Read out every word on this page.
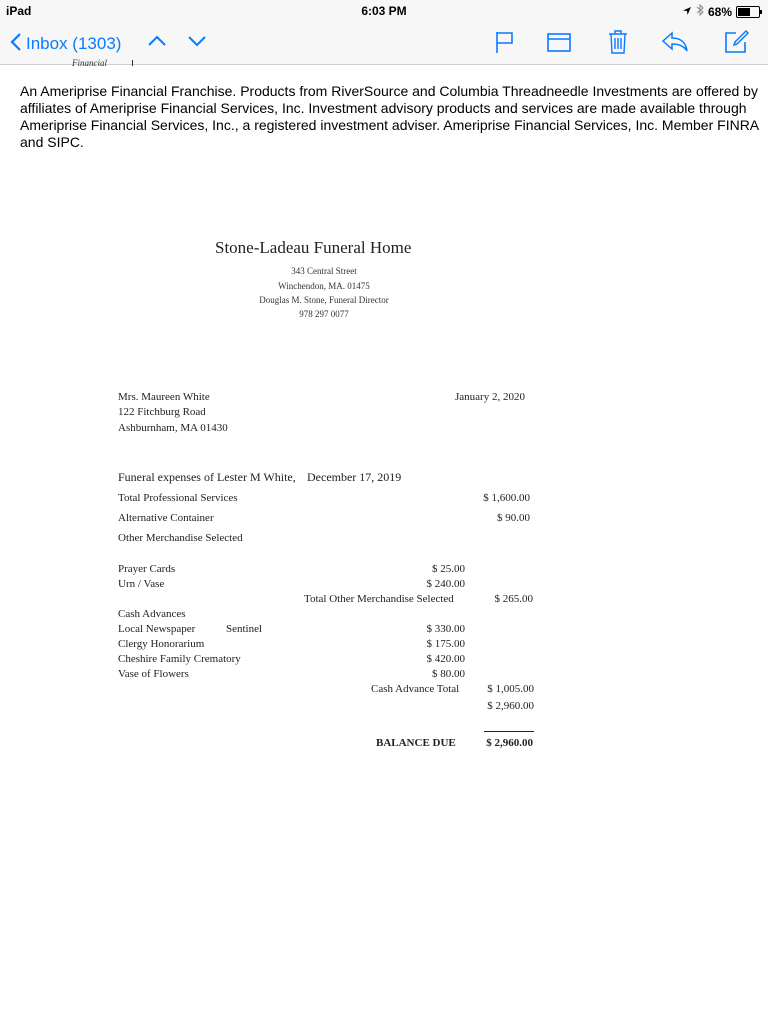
iPad	6:03 PM	68%
Inbox (1303)
Financial
An Ameriprise Financial Franchise. Products from RiverSource and Columbia Threadneedle Investments are offered by affiliates of Ameriprise Financial Services, Inc. Investment advisory products and services are made available through Ameriprise Financial Services, Inc., a registered investment adviser. Ameriprise Financial Services, Inc. Member FINRA and SIPC.
Stone-Ladeau Funeral Home
343 Central Street
Winchendon, MA. 01475
Douglas M. Stone, Funeral Director
978 297 0077
Mrs. Maureen White
122 Fitchburg Road
Ashburnham, MA 01430
January 2, 2020
Funeral expenses of Lester M White, December 17, 2019
Total Professional Services	$ 1,600.00
Alternative Container	$ 90.00
Other Merchandise Selected
Prayer Cards	$ 25.00
Urn / Vase	$ 240.00
Total Other Merchandise Selected	$ 265.00
Cash Advances
Local Newspaper	Sentinel	$ 330.00
Clergy Honorarium	$ 175.00
Cheshire Family Crematory	$ 420.00
Vase of Flowers	$ 80.00
Cash Advance Total	$ 1,005.00
$ 2,960.00
BALANCE DUE	$ 2,960.00
